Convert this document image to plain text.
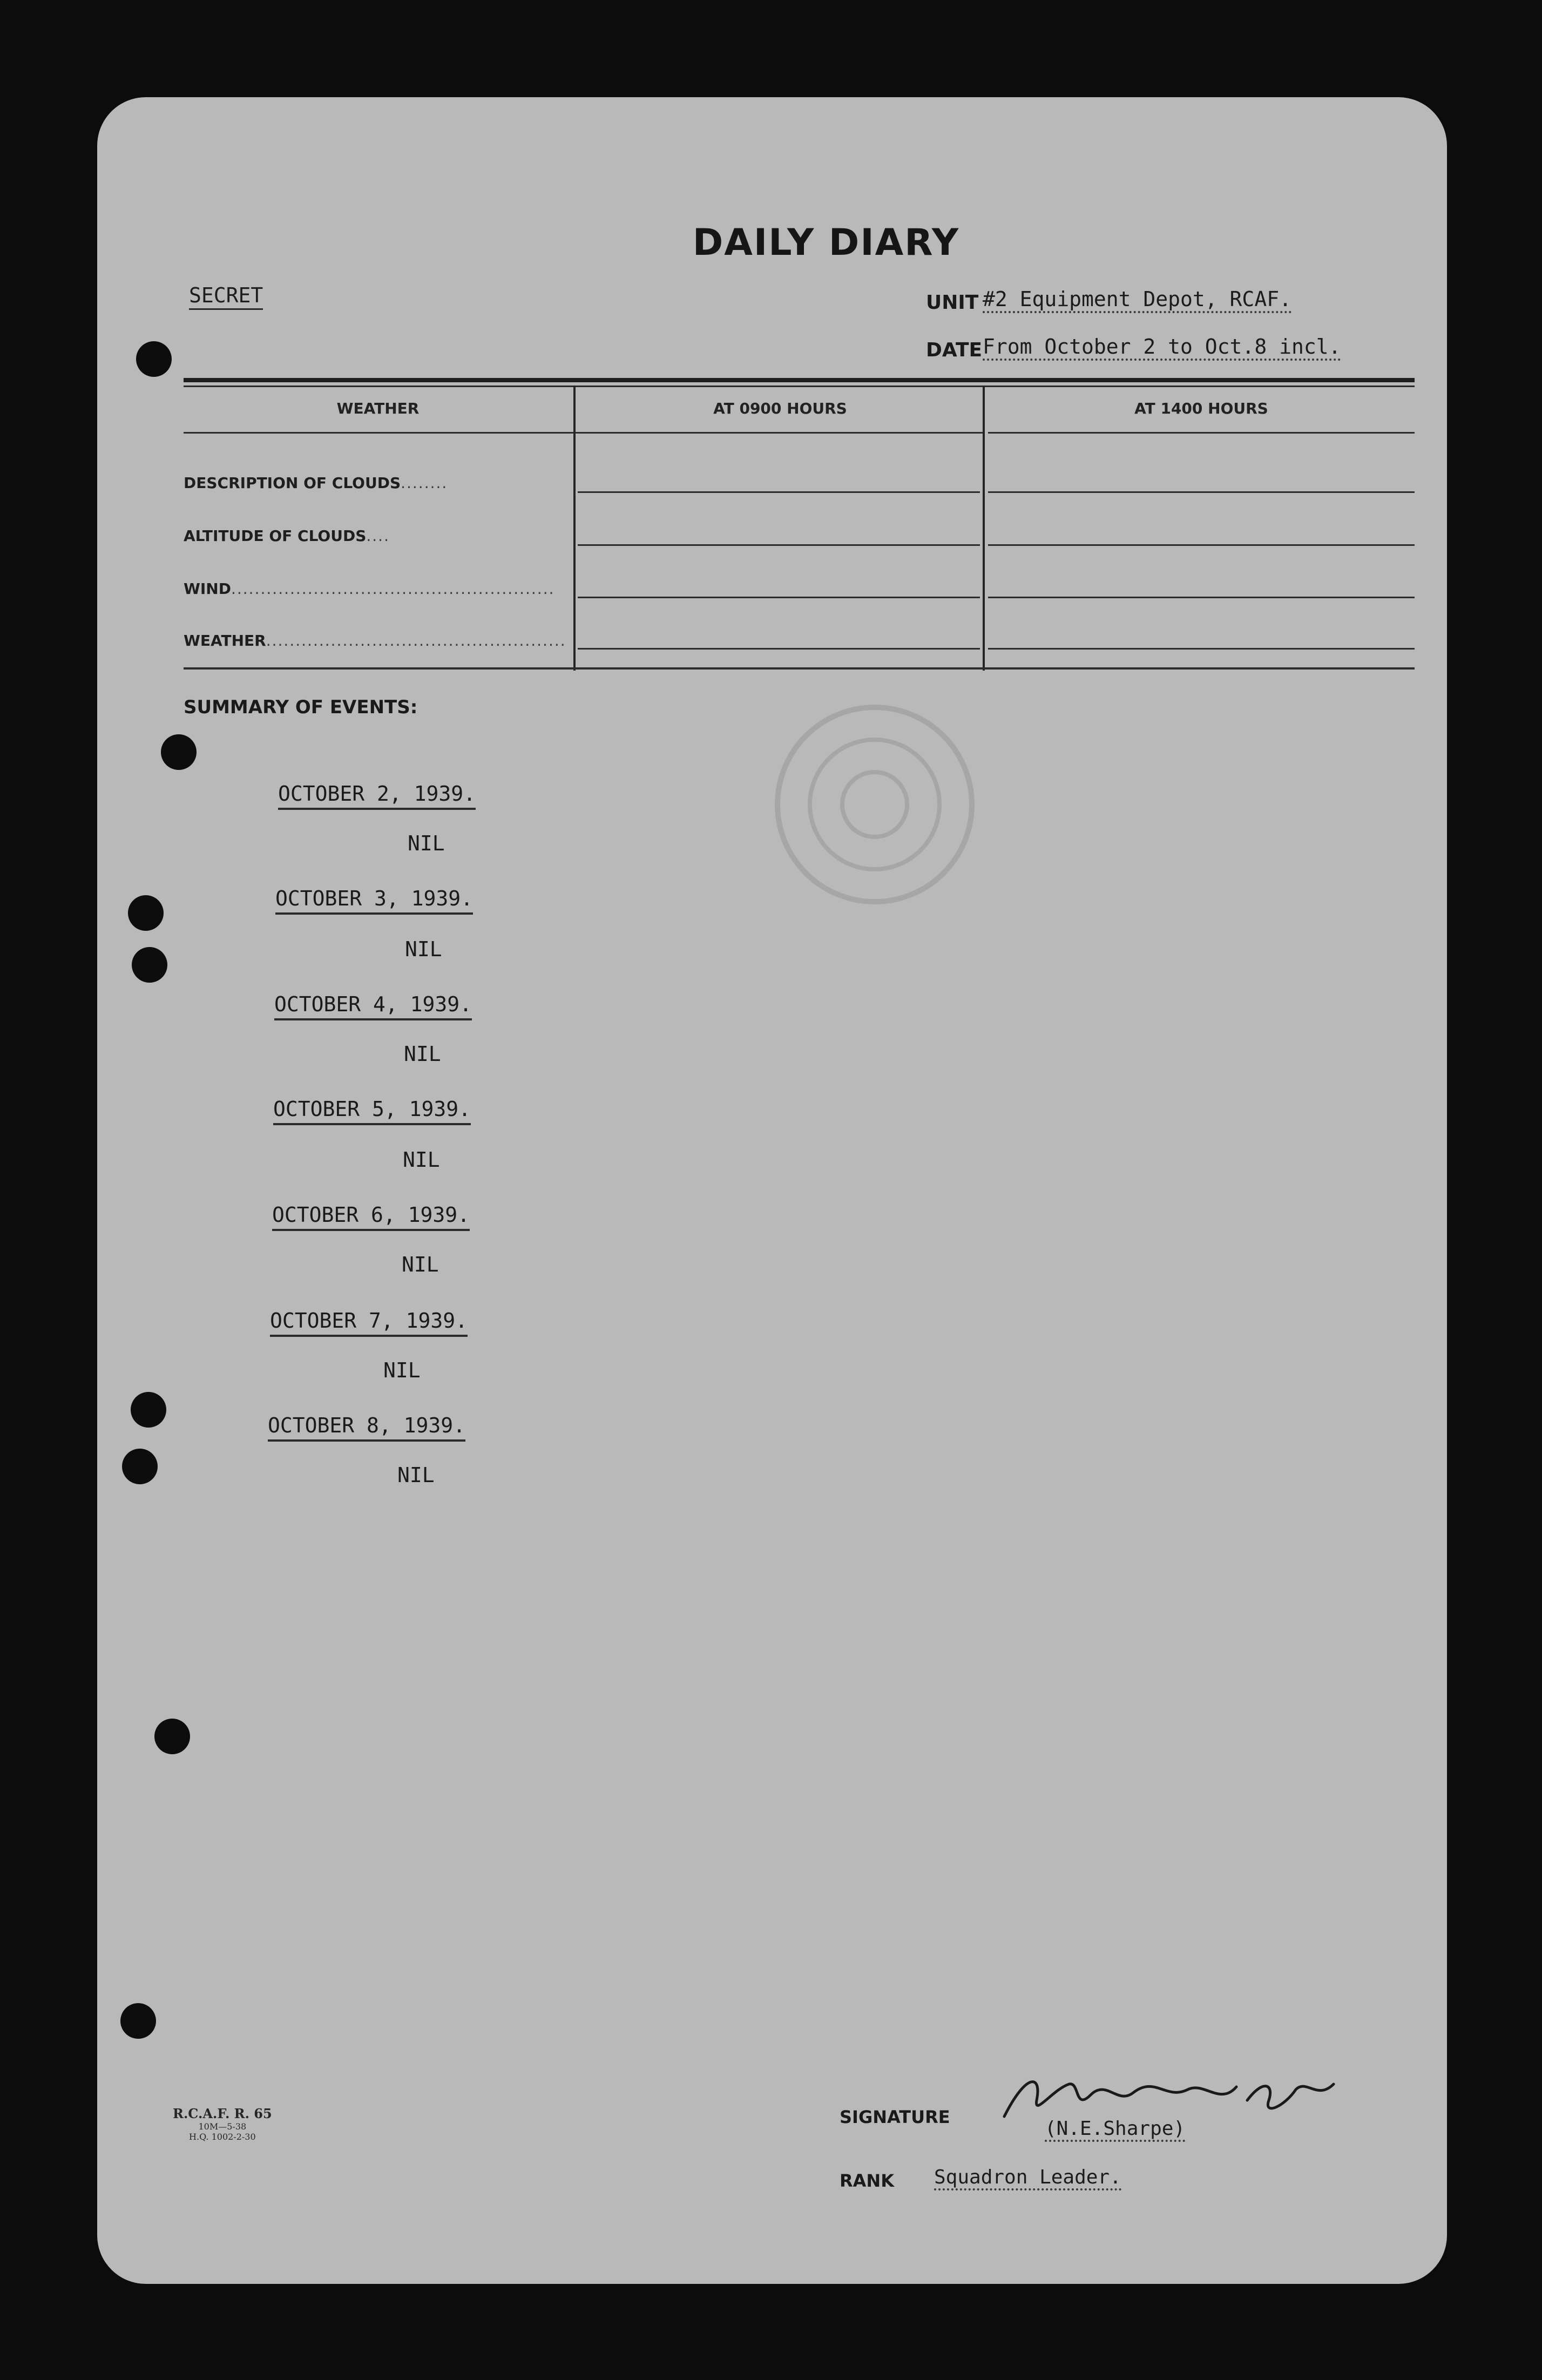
DAILY DIARY
SECRET	UNIT #2 Equipment Depot, RCAF.
DATE From October 2 to Oct.8 incl.
WEATHER	AT 0900 HOURS	AT 1400 HOURS
DESCRIPTION OF CLOUDS........
ALTITUDE OF CLOUDS....
WIND.......................................................
WEATHER...................................................
SUMMARY OF EVENTS:
OCTOBER 2, 1939.
NIL
OCTOBER 3, 1939.
NIL
OCTOBER 4, 1939.
NIL
OCTOBER 5, 1939.
NIL
OCTOBER 6, 1939.
NIL
OCTOBER 7, 1939.
NIL
OCTOBER 8, 1939.
NIL
R.C.A.F. R. 65
10M—5-38
H.Q. 1002-2-30
SIGNATURE
(N.E.Sharpe)
RANK Squadron Leader.
